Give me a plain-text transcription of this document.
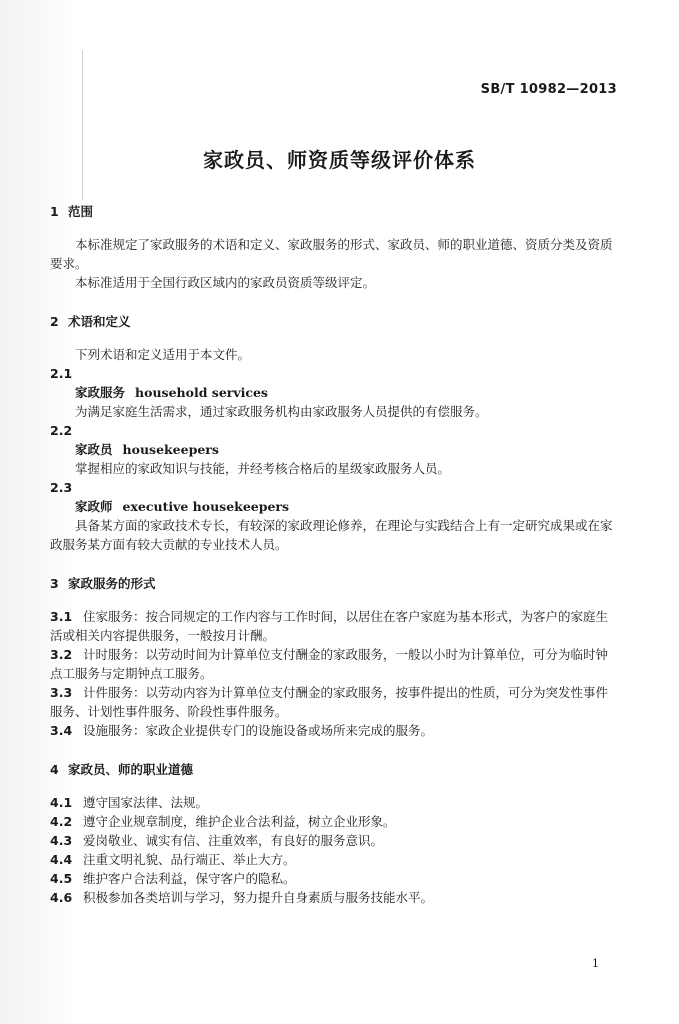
SB/T 10982—2013
家政员、师资质等级评价体系
1 范围

本标准规定了家政服务的术语和定义、家政服务的形式、家政员、师的职业道德、资质分类及资质要求。

本标准适用于全国行政区域内的家政员资质等级评定。

2 术语和定义

下列术语和定义适用于本文件。

2.1

家政服务 household services

为满足家庭生活需求，通过家政服务机构由家政服务人员提供的有偿服务。

2.2

家政员 housekeepers

掌握相应的家政知识与技能，并经考核合格后的星级家政服务人员。

2.3

家政师 executive housekeepers

具备某方面的家政技术专长，有较深的家政理论修养，在理论与实践结合上有一定研究成果或在家政服务某方面有较大贡献的专业技术人员。

3 家政服务的形式

3.1 住家服务：按合同规定的工作内容与工作时间，以居住在客户家庭为基本形式，为客户的家庭生活或相关内容提供服务，一般按月计酬。

3.2 计时服务：以劳动时间为计算单位支付酬金的家政服务，一般以小时为计算单位，可分为临时钟点工服务与定期钟点工服务。

3.3 计件服务：以劳动内容为计算单位支付酬金的家政服务，按事件提出的性质，可分为突发性事件服务、计划性事件服务、阶段性事件服务。

3.4 设施服务：家政企业提供专门的设施设备或场所来完成的服务。

4 家政员、师的职业道德

4.1 遵守国家法律、法规。

4.2 遵守企业规章制度，维护企业合法利益，树立企业形象。

4.3 爱岗敬业、诚实有信、注重效率，有良好的服务意识。

4.4 注重文明礼貌、品行端正、举止大方。

4.5 维护客户合法利益，保守客户的隐私。

4.6 积极参加各类培训与学习，努力提升自身素质与服务技能水平。

1
